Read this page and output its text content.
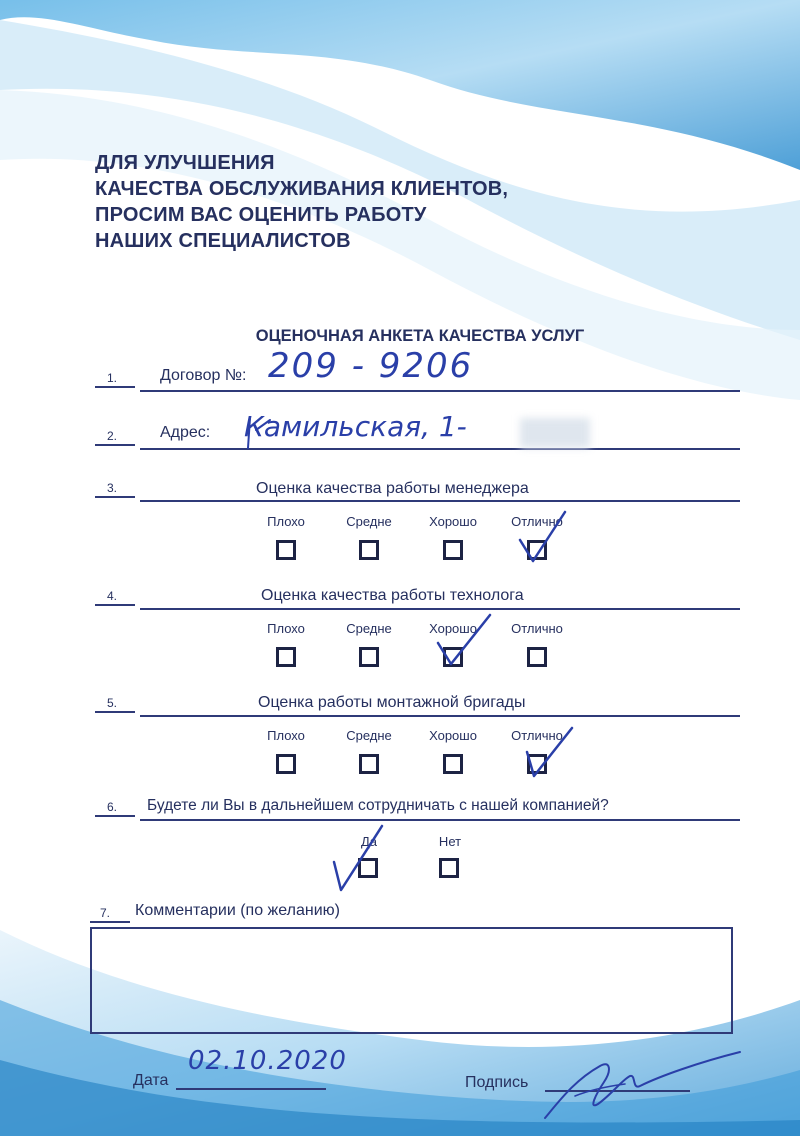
ДЛЯ УЛУЧШЕНИЯ
КАЧЕСТВА ОБСЛУЖИВАНИЯ КЛИЕНТОВ,
ПРОСИМ ВАС ОЦЕНИТЬ РАБОТУ
НАШИХ СПЕЦИАЛИСТОВ
ОЦЕНОЧНАЯ АНКЕТА КАЧЕСТВА УСЛУГ
1.	Договор №: 209 - 9206
2.	Адрес: Камильская, 1-
3.	Оценка качества работы менеджера
Плохо	Средне	Хорошо	Отлично
4.	Оценка качества работы технолога
Плохо	Средне	Хорошо	Отлично
5.	Оценка работы монтажной бригады
Плохо	Средне	Хорошо	Отлично
6. Будете ли Вы в дальнейшем сотрудничать с нашей компанией?
Да	Нет
7. Комментарии (по желанию)
Дата
02.10.2020
Подпись
